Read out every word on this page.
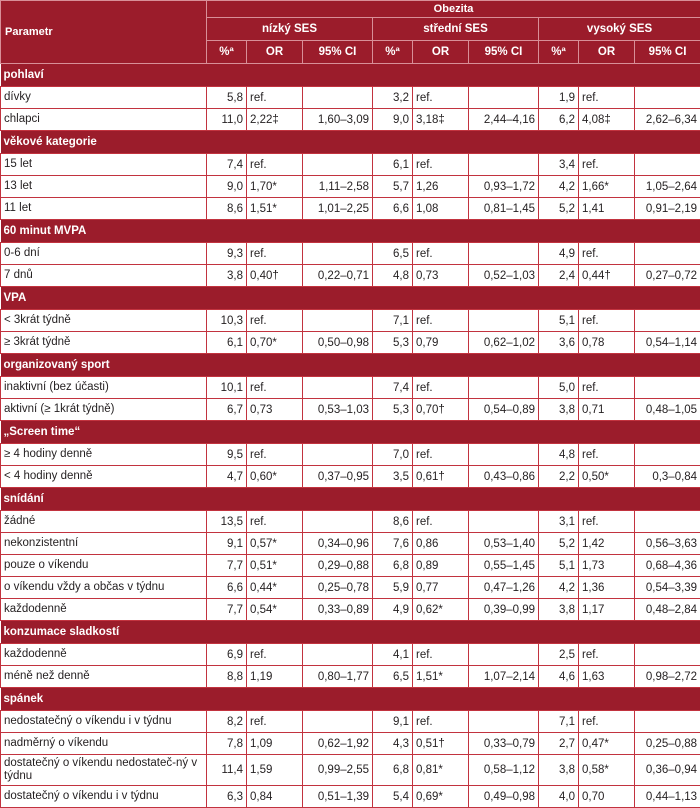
Parametr	Obezita								
	nízký SES			střední SES			vysoký SES		
	%ª	OR	95% CI	%ª	OR	95% CI	%ª	OR	95% CI
pohlaví									
dívky	5,8	ref.		3,2	ref.		1,9	ref.	
chlapci	11,0	2,22‡	1,60–3,09	9,0	3,18‡	2,44–4,16	6,2	4,08‡	2,62–6,34
věkové kategorie									
15 let	7,4	ref.		6,1	ref.		3,4	ref.	
13 let	9,0	1,70*	1,11–2,58	5,7	1,26	0,93–1,72	4,2	1,66*	1,05–2,64
11 let	8,6	1,51*	1,01–2,25	6,6	1,08	0,81–1,45	5,2	1,41	0,91–2,19
60 minut MVPA									
0-6 dní	9,3	ref.		6,5	ref.		4,9	ref.	
7 dnů	3,8	0,40†	0,22–0,71	4,8	0,73	0,52–1,03	2,4	0,44†	0,27–0,72
VPA									
< 3krát týdně	10,3	ref.		7,1	ref.		5,1	ref.	
≥ 3krát týdně	6,1	0,70*	0,50–0,98	5,3	0,79	0,62–1,02	3,6	0,78	0,54–1,14
organizovaný sport									
inaktivní (bez účasti)	10,1	ref.		7,4	ref.		5,0	ref.	
aktivní (≥ 1krát týdně)	6,7	0,73	0,53–1,03	5,3	0,70†	0,54–0,89	3,8	0,71	0,48–1,05
„Screen time“									
≥ 4 hodiny denně	9,5	ref.		7,0	ref.		4,8	ref.	
< 4 hodiny denně	4,7	0,60*	0,37–0,95	3,5	0,61†	0,43–0,86	2,2	0,50*	0,3–0,84
snídání									
žádné	13,5	ref.		8,6	ref.		3,1	ref.	
nekonzistentní	9,1	0,57*	0,34–0,96	7,6	0,86	0,53–1,40	5,2	1,42	0,56–3,63
pouze o víkendu	7,7	0,51*	0,29–0,88	6,8	0,89	0,55–1,45	5,1	1,73	0,68–4,36
o víkendu vždy a občas v týdnu	6,6	0,44*	0,25–0,78	5,9	0,77	0,47–1,26	4,2	1,36	0,54–3,39
každodenně	7,7	0,54*	0,33–0,89	4,9	0,62*	0,39–0,99	3,8	1,17	0,48–2,84
konzumace sladkostí									
každodenně	6,9	ref.		4,1	ref.		2,5	ref.	
méně než denně	8,8	1,19	0,80–1,77	6,5	1,51*	1,07–2,14	4,6	1,63	0,98–2,72
spánek									
nedostatečný o víkendu i v týdnu	8,2	ref.		9,1	ref.		7,1	ref.	
nadměrný o víkendu	7,8	1,09	0,62–1,92	4,3	0,51†	0,33–0,79	2,7	0,47*	0,25–0,88
dostatečný o víkendu nedostateč-ný v týdnu	11,4	1,59	0,99–2,55	6,8	0,81*	0,58–1,12	3,8	0,58*	0,36–0,94
dostatečný o víkendu i v týdnu	6,3	0,84	0,51–1,39	5,4	0,69*	0,49–0,98	4,0	0,70	0,44–1,13
